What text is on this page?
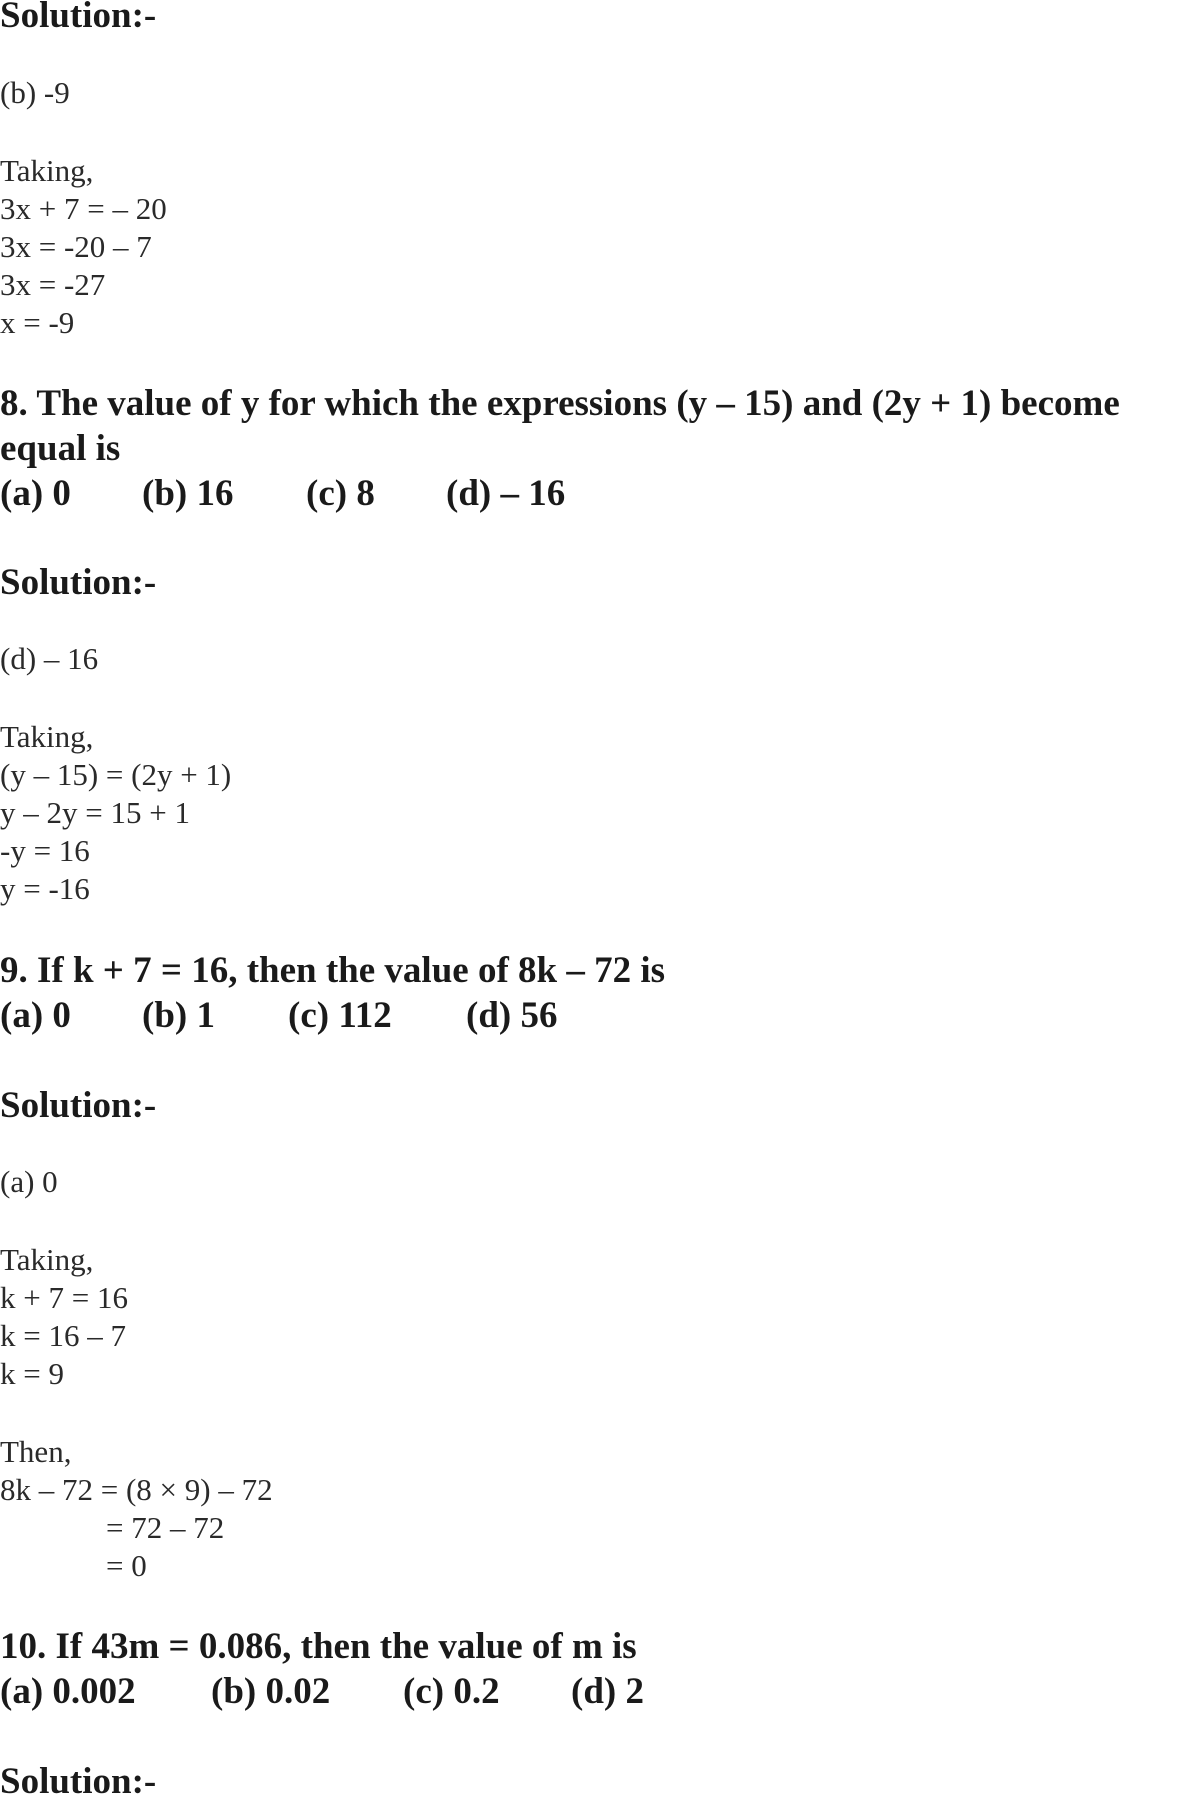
Solution:-
(b) -9
Taking,
3x + 7 = – 20
3x = -20 – 7
3x = -27
x = -9
8. The value of y for which the expressions (y – 15) and (2y + 1) become
equal is
(a) 0 (b) 16 (c) 8 (d) – 16
Solution:-
(d) – 16
Taking,
(y – 15) = (2y + 1)
y – 2y = 15 + 1
-y = 16
y = -16
9. If k + 7 = 16, then the value of 8k – 72 is
(a) 0 (b) 1 (c) 112 (d) 56
Solution:-
(a) 0
Taking,
k + 7 = 16
k = 16 – 7
k = 9
Then,
8k – 72 = (8 × 9) – 72
= 72 – 72
= 0
10. If 43m = 0.086, then the value of m is
(a) 0.002 (b) 0.02 (c) 0.2 (d) 2
Solution:-
